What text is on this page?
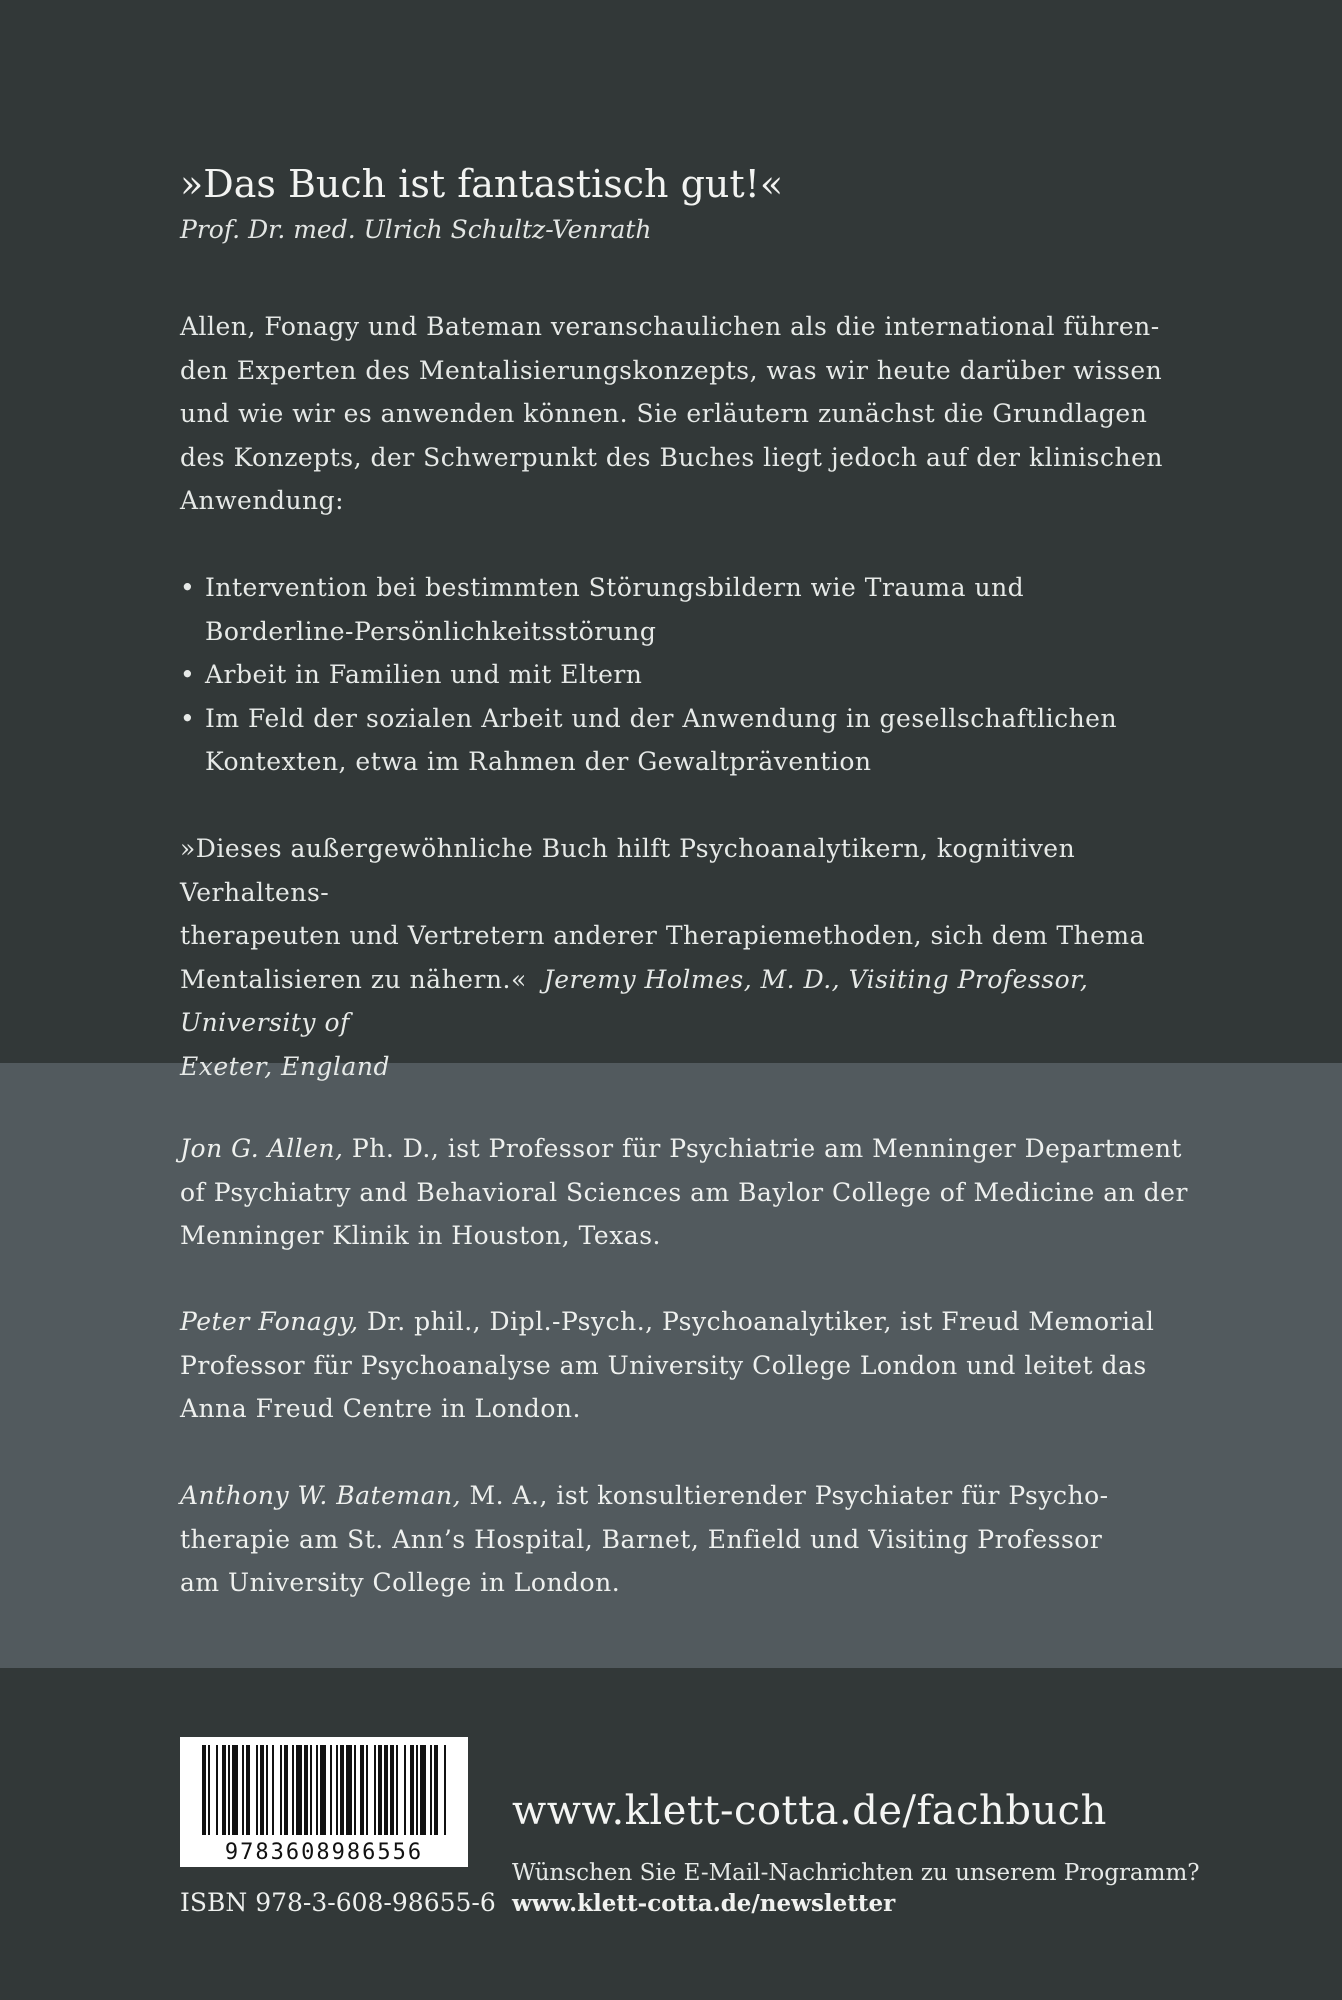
»Das Buch ist fantastisch gut!«
Prof. Dr. med. Ulrich Schultz-Venrath

Allen, Fonagy und Bateman veranschaulichen als die international führen-
den Experten des Mentalisierungskonzepts, was wir heute darüber wissen
und wie wir es anwenden können. Sie erläutern zunächst die Grundlagen
des Konzepts, der Schwerpunkt des Buches liegt jedoch auf der klinischen
Anwendung:

• Intervention bei bestimmten Störungsbildern wie Trauma und
Borderline-Persönlichkeitsstörung
• Arbeit in Familien und mit Eltern
• Im Feld der sozialen Arbeit und der Anwendung in gesellschaftlichen
Kontexten, etwa im Rahmen der Gewaltprävention

»Dieses außergewöhnliche Buch hilft Psychoanalytikern, kognitiven Verhaltens-
therapeuten und Vertretern anderer Therapiemethoden, sich dem Thema
Mentalisieren zu nähern.« Jeremy Holmes, M. D., Visiting Professor, University of
Exeter, England

Jon G. Allen, Ph. D., ist Professor für Psychiatrie am Menninger Department
of Psychiatry and Behavioral Sciences am Baylor College of Medicine an der
Menninger Klinik in Houston, Texas.

Peter Fonagy, Dr. phil., Dipl.-Psych., Psychoanalytiker, ist Freud Memorial
Professor für Psychoanalyse am University College London und leitet das
Anna Freud Centre in London.

Anthony W. Bateman, M. A., ist konsultierender Psychiater für Psycho-
therapie am St. Ann’s Hospital, Barnet, Enfield und Visiting Professor
am University College in London.

9783608986556
ISBN 978-3-608-98655-6
www.klett-cotta.de/fachbuch
Wünschen Sie E-Mail-Nachrichten zu unserem Programm?
www.klett-cotta.de/newsletter
